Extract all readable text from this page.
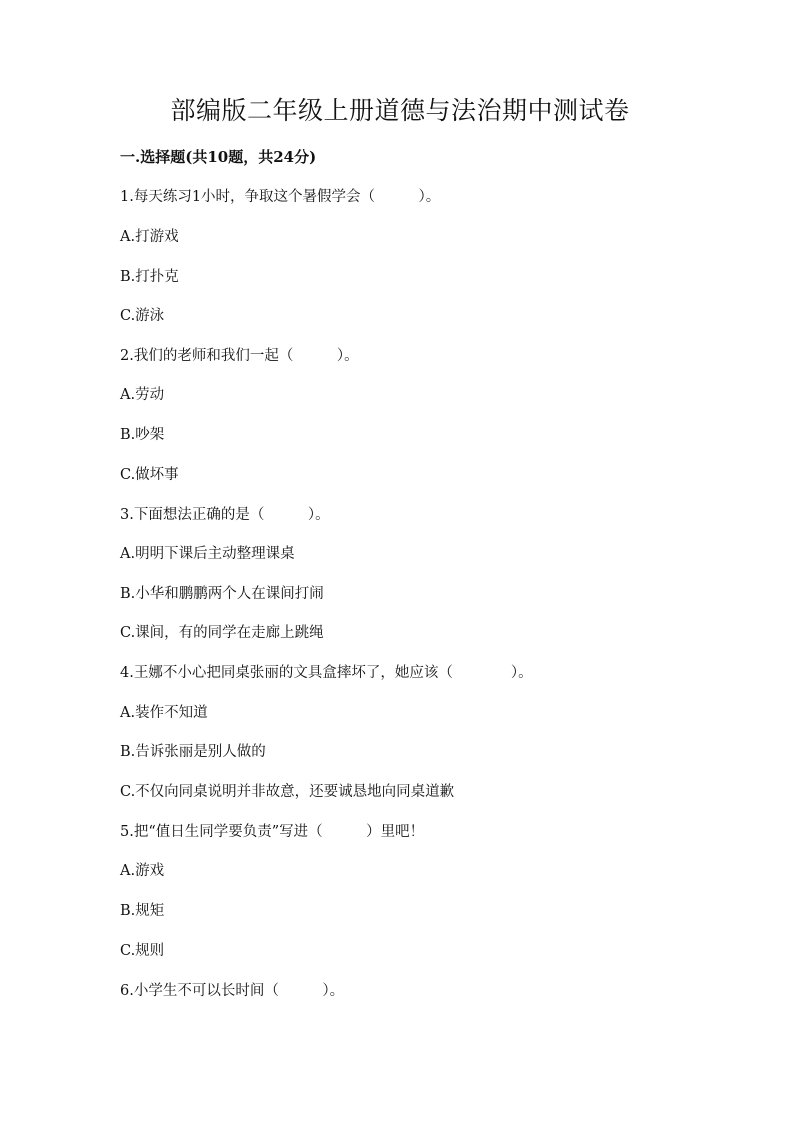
部编版二年级上册道德与法治期中测试卷
一.选择题(共10题，共24分)
1.每天练习1小时，争取这个暑假学会（　　　）。
A.打游戏
B.打扑克
C.游泳
2.我们的老师和我们一起（　　　）。
A.劳动
B.吵架
C.做坏事
3.下面想法正确的是（　　　）。
A.明明下课后主动整理课桌
B.小华和鹏鹏两个人在课间打闹
C.课间，有的同学在走廊上跳绳
4.王娜不小心把同桌张丽的文具盒摔坏了，她应该（　　　　）。
A.装作不知道
B.告诉张丽是别人做的
C.不仅向同桌说明并非故意，还要诚恳地向同桌道歉
5.把“值日生同学要负责”写进（　　　）里吧！
A.游戏
B.规矩
C.规则
6.小学生不可以长时间（　　　）。
